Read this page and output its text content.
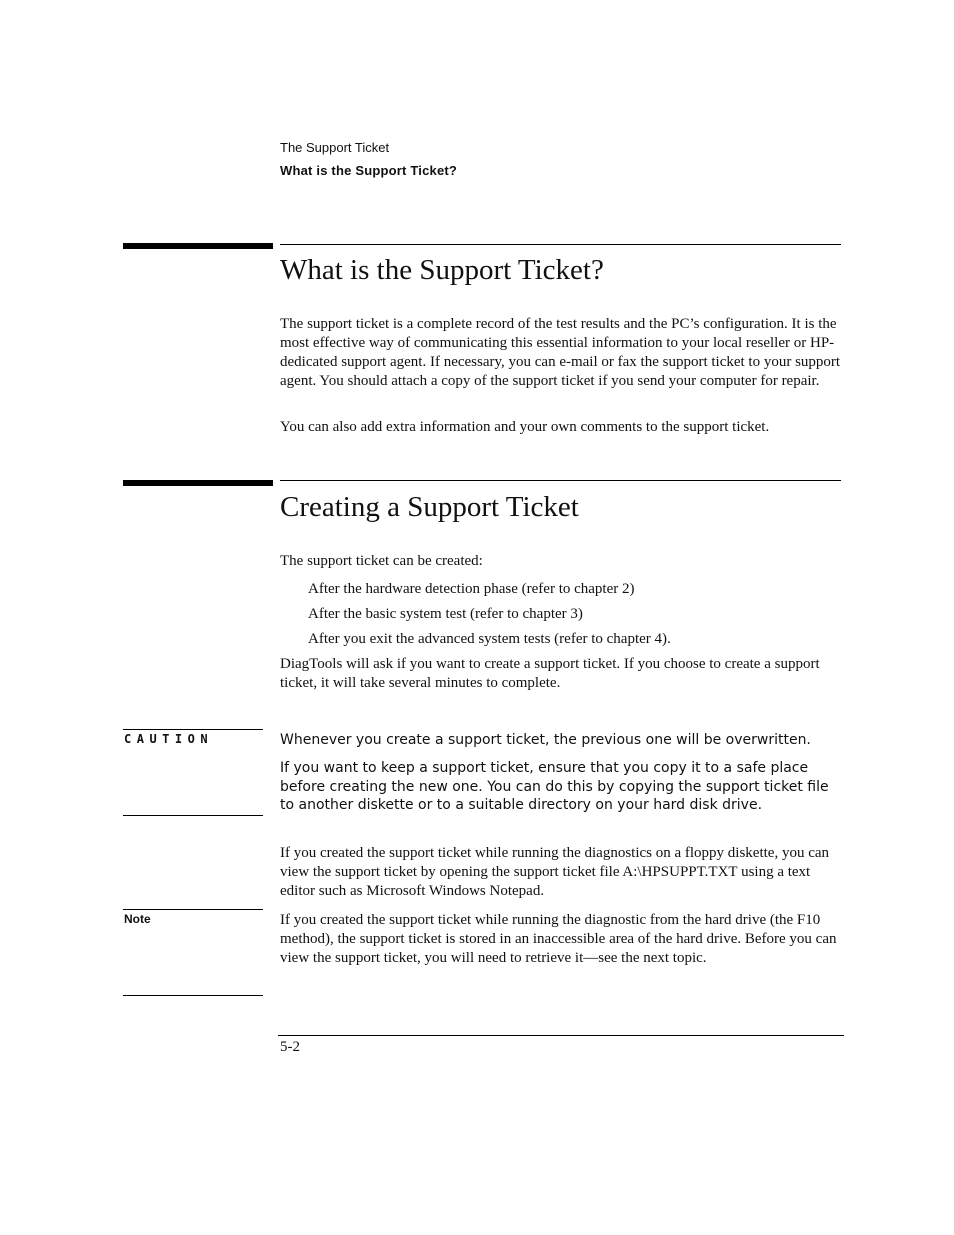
The Support Ticket
What is the Support Ticket?
What is the Support Ticket?

The support ticket is a complete record of the test results and the PC’s configuration. It is the most effective way of communicating this essential information to your local reseller or HP-dedicated support agent. If necessary, you can e-mail or fax the support ticket to your support agent. You should attach a copy of the support ticket if you send your computer for repair.

You can also add extra information and your own comments to the support ticket.

Creating a Support Ticket

The support ticket can be created:

After the hardware detection phase (refer to chapter 2)
After the basic system test (refer to chapter 3)
After you exit the advanced system tests (refer to chapter 4).

DiagTools will ask if you want to create a support ticket. If you choose to create a support ticket, it will take several minutes to complete.

CAUTION	Whenever you create a support ticket, the previous one will be overwritten.

If you want to keep a support ticket, ensure that you copy it to a safe place before creating the new one. You can do this by copying the support ticket file to another diskette or to a suitable directory on your hard disk drive.

If you created the support ticket while running the diagnostics on a floppy diskette, you can view the support ticket by opening the support ticket file A:\HPSUPPT.TXT using a text editor such as Microsoft Windows Notepad.

Note	If you created the support ticket while running the diagnostic from the hard drive (the F10 method), the support ticket is stored in an inaccessible area of the hard drive. Before you can view the support ticket, you will need to retrieve it—see the next topic.

5-2
